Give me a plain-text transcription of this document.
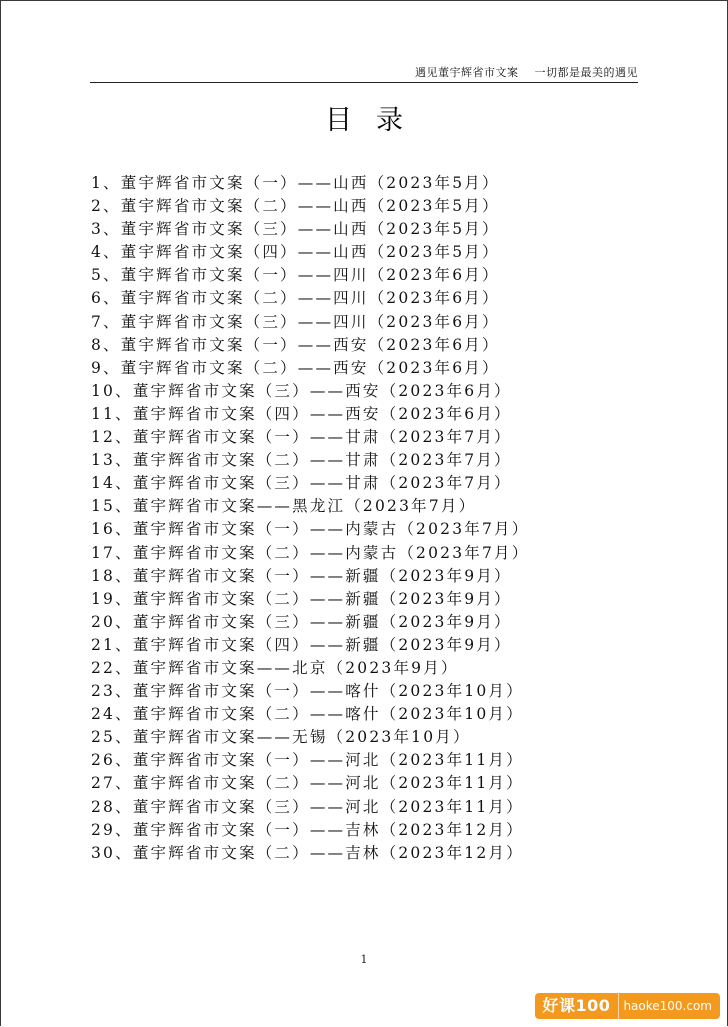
遇见董宇辉省市文案    一切都是最美的遇见
目录
1、董宇辉省市文案（一）——山西（2023年5月）
2、董宇辉省市文案（二）——山西（2023年5月）
3、董宇辉省市文案（三）——山西（2023年5月）
4、董宇辉省市文案（四）——山西（2023年5月）
5、董宇辉省市文案（一）——四川（2023年6月）
6、董宇辉省市文案（二）——四川（2023年6月）
7、董宇辉省市文案（三）——四川（2023年6月）
8、董宇辉省市文案（一）——西安（2023年6月）
9、董宇辉省市文案（二）——西安（2023年6月）
10、董宇辉省市文案（三）——西安（2023年6月）
11、董宇辉省市文案（四）——西安（2023年6月）
12、董宇辉省市文案（一）——甘肃（2023年7月）
13、董宇辉省市文案（二）——甘肃（2023年7月）
14、董宇辉省市文案（三）——甘肃（2023年7月）
15、董宇辉省市文案——黑龙江（2023年7月）
16、董宇辉省市文案（一）——内蒙古（2023年7月）
17、董宇辉省市文案（二）——内蒙古（2023年7月）
18、董宇辉省市文案（一）——新疆（2023年9月）
19、董宇辉省市文案（二）——新疆（2023年9月）
20、董宇辉省市文案（三）——新疆（2023年9月）
21、董宇辉省市文案（四）——新疆（2023年9月）
22、董宇辉省市文案——北京（2023年9月）
23、董宇辉省市文案（一）——喀什（2023年10月）
24、董宇辉省市文案（二）——喀什（2023年10月）
25、董宇辉省市文案——无锡（2023年10月）
26、董宇辉省市文案（一）——河北（2023年11月）
27、董宇辉省市文案（二）——河北（2023年11月）
28、董宇辉省市文案（三）——河北（2023年11月）
29、董宇辉省市文案（一）——吉林（2023年12月）
30、董宇辉省市文案（二）——吉林（2023年12月）
1
好课100	haoke100.com
